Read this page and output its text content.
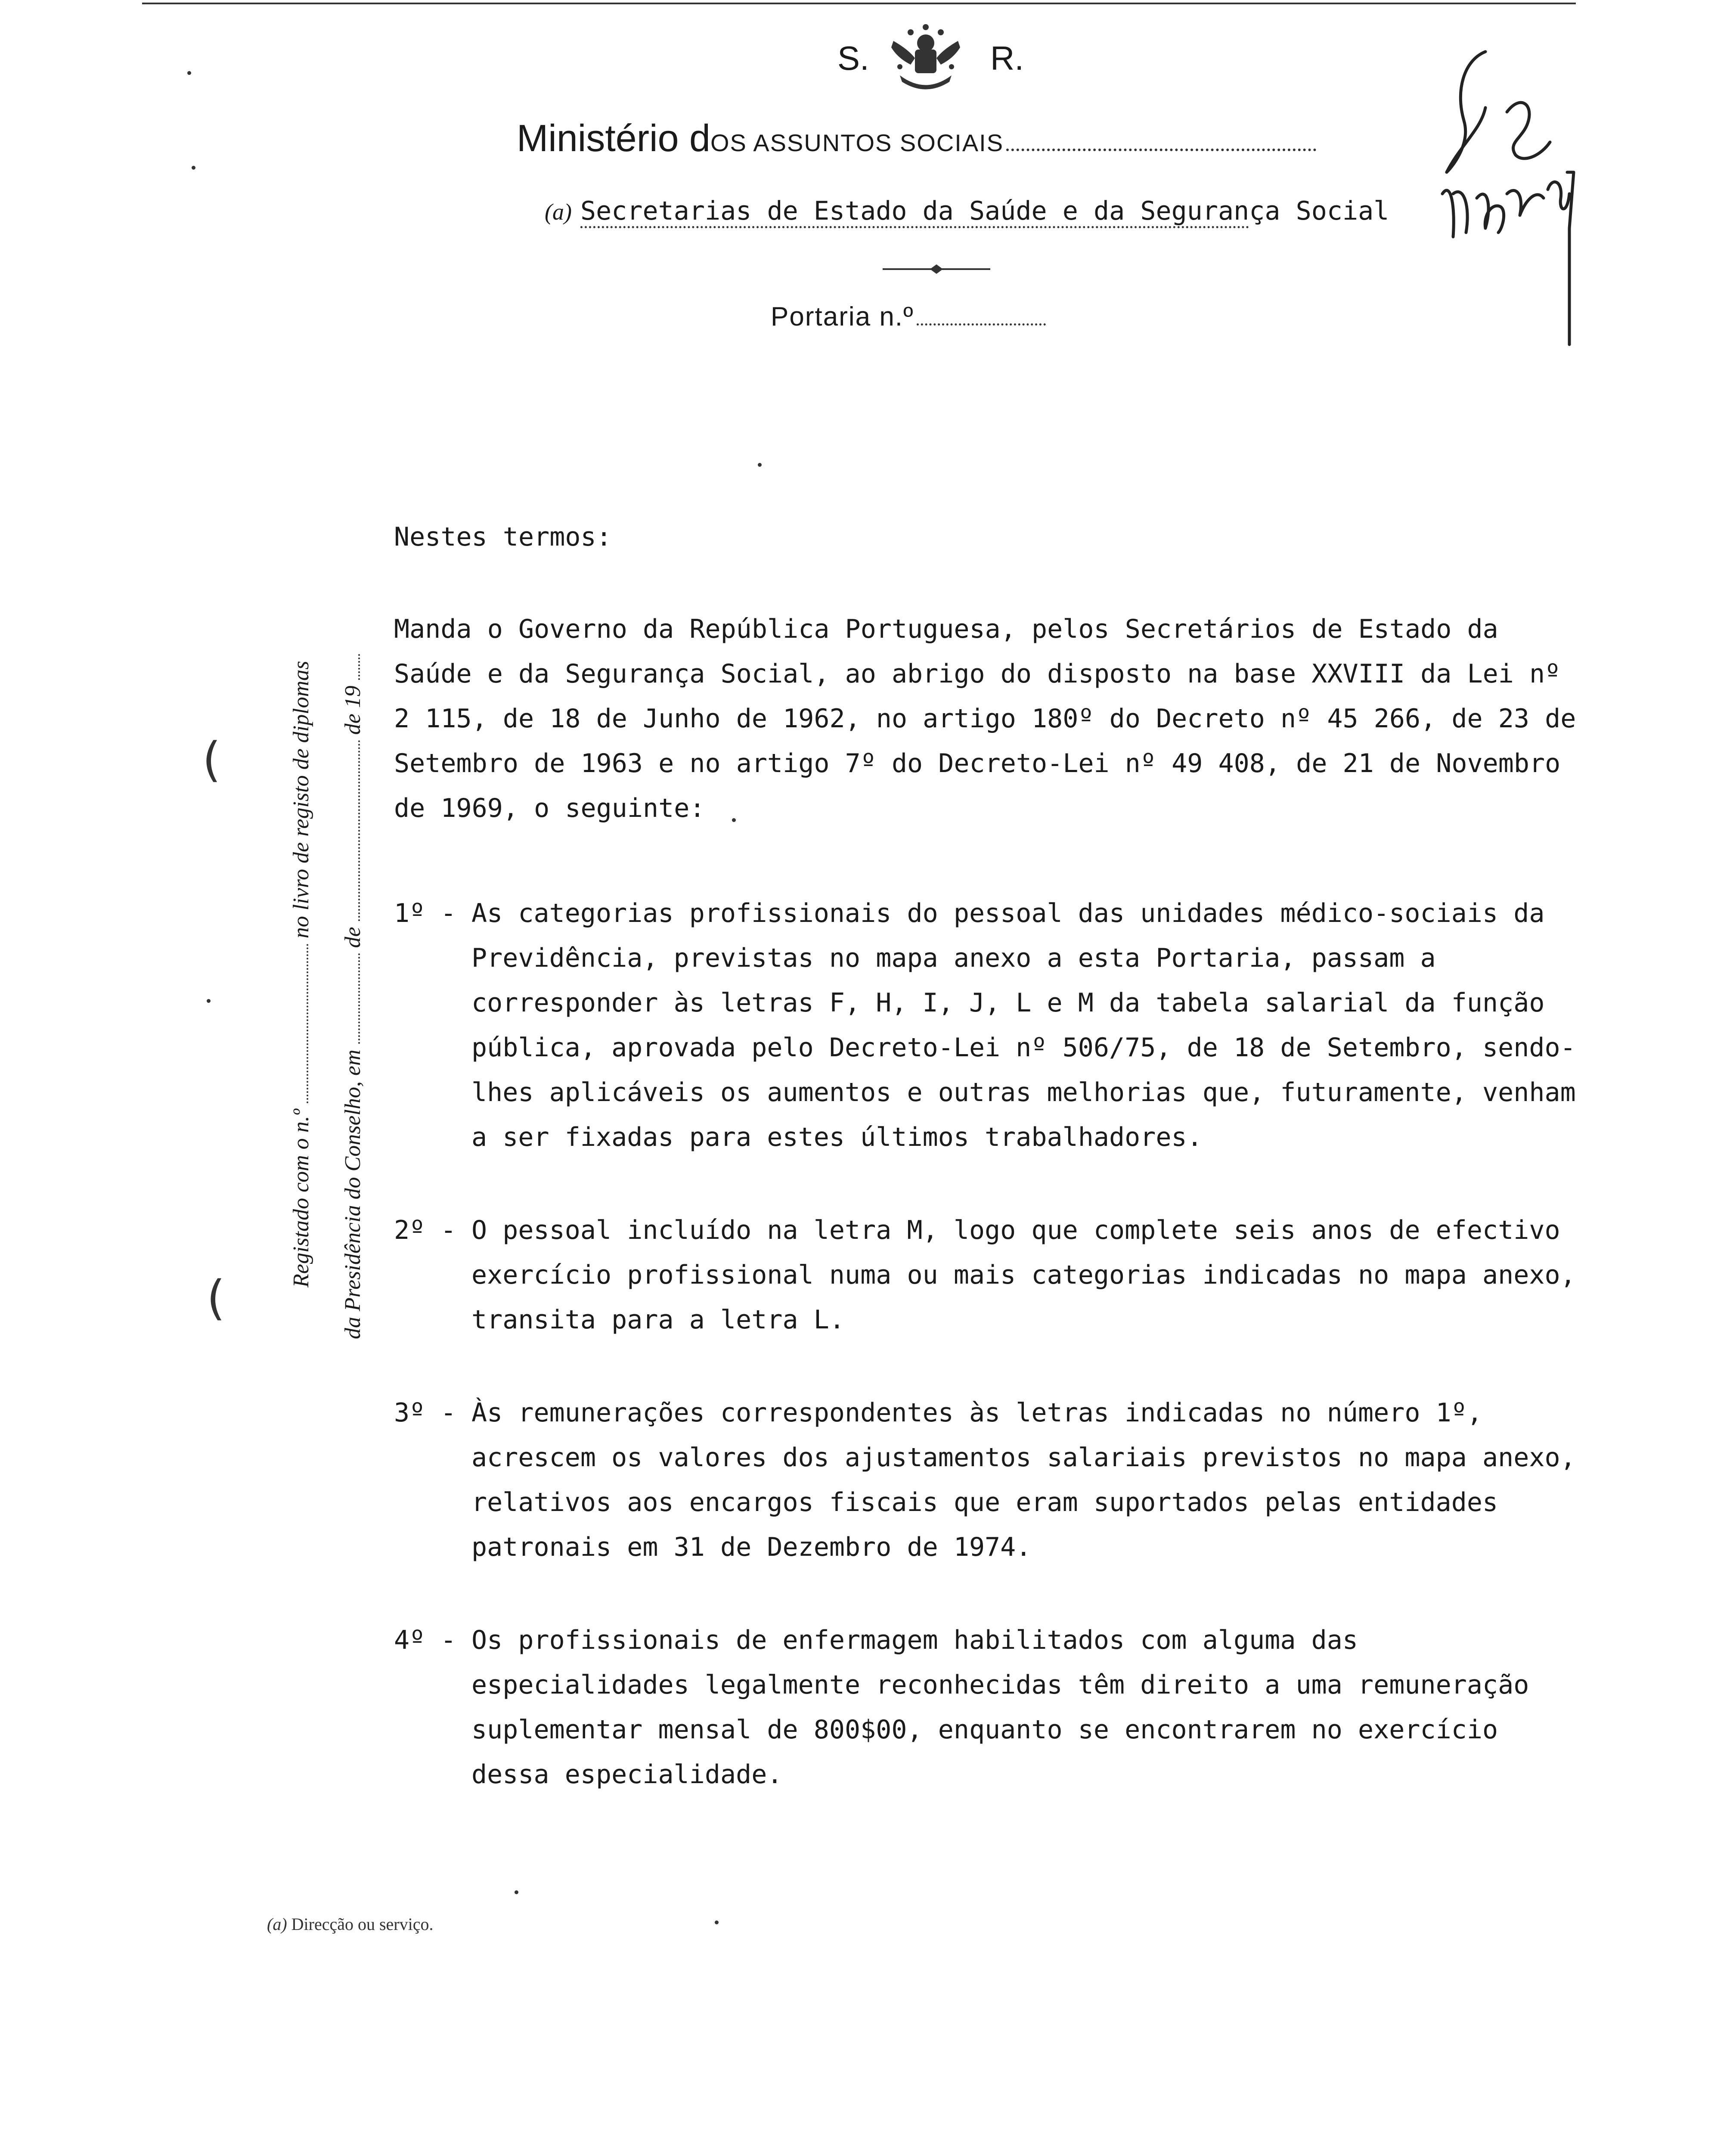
S.	R.
Ministério dOS ASSUNTOS SOCIAIS
(a) Secretarias de Estado da Saúde e da Segurança Social
Portaria n.º
Registado com o n.º  no livro de registo de diplomas
da Presidência do Conselho, em  de  de 19

Nestes termos:

Manda o Governo da República Portuguesa, pelos Secretários de Estado da Saúde e da Segurança Social, ao abrigo do disposto na base XXVIII da Lei nº 2 115, de 18 de Junho de 1962, no artigo 180º do Decreto nº 45 266, de 23 de Setembro de 1963 e no artigo 7º do Decreto-Lei nº 49 408, de 21 de Novembro de 1969, o seguinte:

1º - As categorias profissionais do pessoal das unidades médico-sociais da Previdência, previstas no mapa anexo a esta Portaria, passam a corresponder às letras F, H, I, J, L e M da tabela salarial da função pública, aprovada pelo Decreto-Lei nº 506/75, de 18 de Setembro, sendo-lhes aplicáveis os aumentos e outras melhorias que, futuramente, venham a ser fixadas para estes últimos trabalhadores.

2º - O pessoal incluído na letra M, logo que complete seis anos de efectivo exercício profissional numa ou mais categorias indicadas no mapa anexo, transita para a letra L.

3º - Às remunerações correspondentes às letras indicadas no número 1º, acrescem os valores dos ajustamentos salariais previstos no mapa anexo, relativos aos encargos fiscais que eram suportados pelas entidades patronais em 31 de Dezembro de 1974.

4º - Os profissionais de enfermagem habilitados com alguma das especialidades legalmente reconhecidas têm direito a uma remuneração suplementar mensal de 800$00, enquanto se encontrarem no exercício dessa especialidade.

(a) Direcção ou serviço.
(
(
